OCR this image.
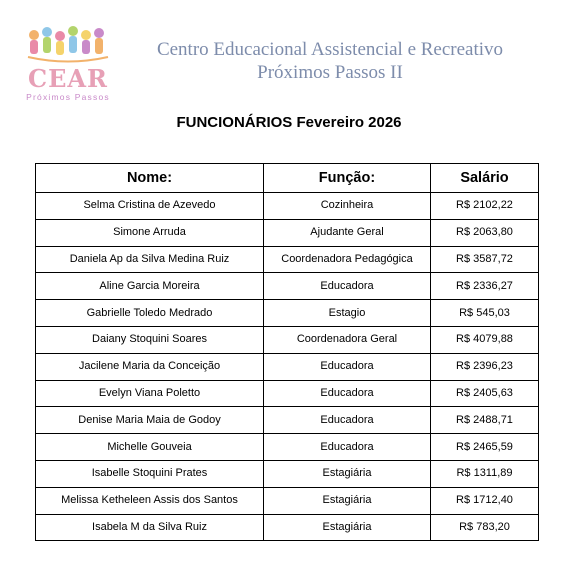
CEAR
Próximos Passos
Centro Educacional Assistencial e Recreativo
Próximos Passos II
FUNCIONÁRIOS Fevereiro 2026
Nome:	Função:	Salário
Selma Cristina de Azevedo	Cozinheira	R$ 2102,22
Simone Arruda	Ajudante Geral	R$ 2063,80
Daniela Ap da Silva Medina Ruiz	Coordenadora Pedagógica	R$ 3587,72
Aline Garcia Moreira	Educadora	R$ 2336,27
Gabrielle Toledo Medrado	Estagio	R$ 545,03
Daiany Stoquini Soares	Coordenadora Geral	R$ 4079,88
Jacilene Maria da Conceição	Educadora	R$ 2396,23
Evelyn Viana Poletto	Educadora	R$ 2405,63
Denise Maria Maia de Godoy	Educadora	R$ 2488,71
Michelle Gouveia	Educadora	R$ 2465,59
Isabelle Stoquini Prates	Estagiária	R$ 1311,89
Melissa Ketheleen Assis dos Santos	Estagiária	R$ 1712,40
Isabela M da Silva Ruiz	Estagiária	R$ 783,20
